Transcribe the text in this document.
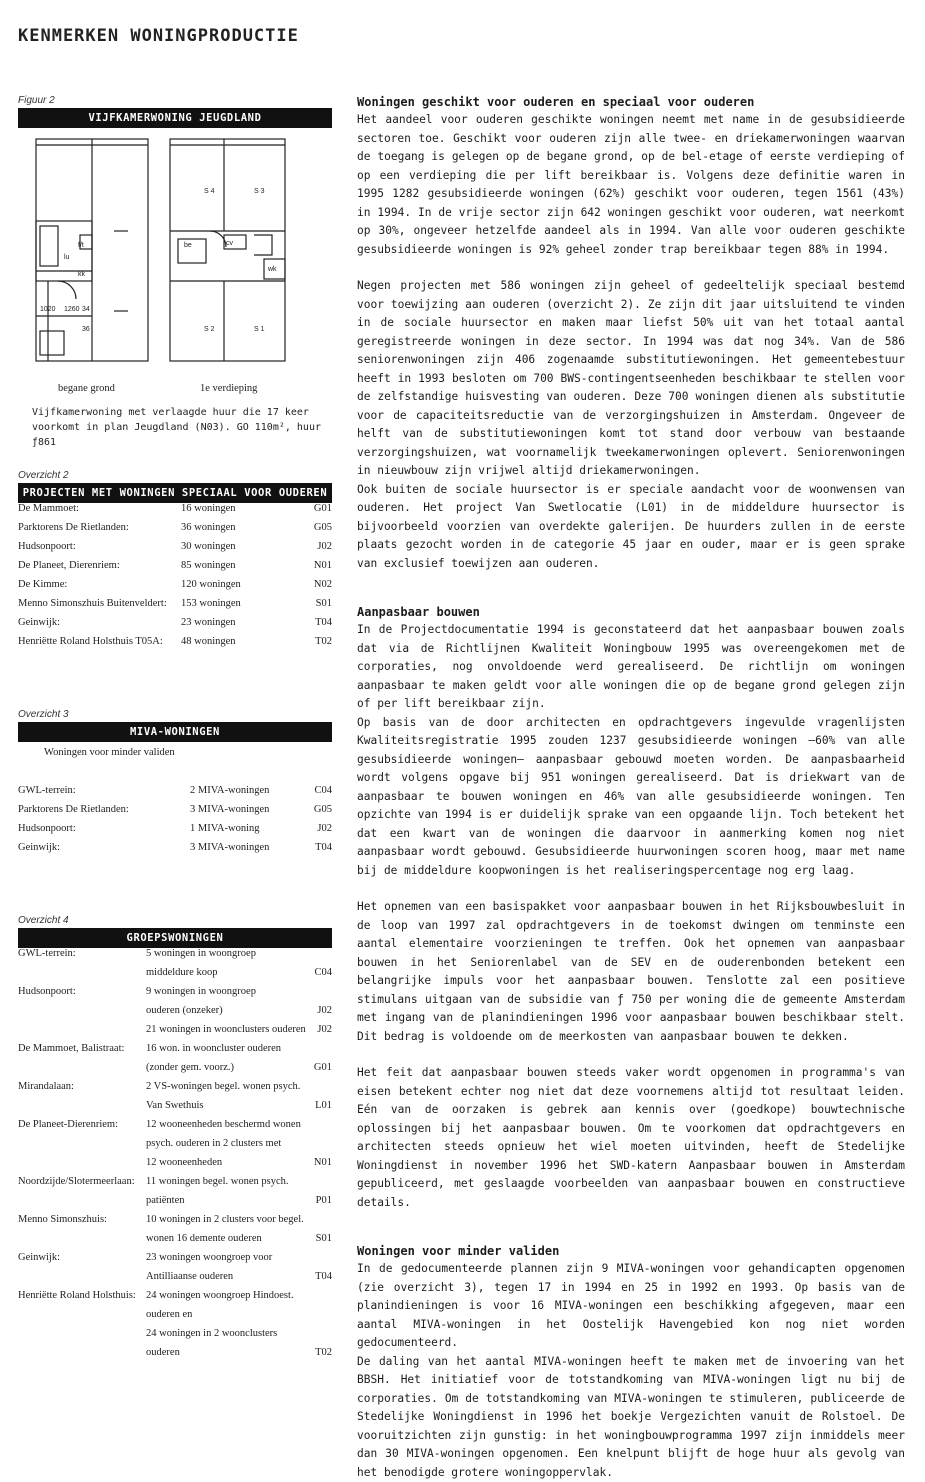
KENMERKEN WONINGPRODUCTIE
Figuur 2
VIJFKAMERWONING JEUGDLAND
S 4	S 3
S 2	S 1
be
1020 1260 34
36
lu
kk
f/t	cv
wk
begane grond	1e verdieping
Vijfkamerwoning met verlaagde huur die 17 keer voorkomt in plan Jeugdland (N03). GO 110m², huur ƒ861
Overzicht 2
PROJECTEN MET WONINGEN SPECIAAL VOOR OUDEREN
De Mammoet:	16 woningen	G01
Parktorens De Rietlanden:	36 woningen	G05
Hudsonpoort:	30 woningen	J02
De Planeet, Dierenriem:	85 woningen	N01
De Kimme:	120 woningen	N02
Menno Simonszhuis Buitenveldert:	153 woningen	S01
Geinwijk:	23 woningen	T04
Henriëtte Roland Holsthuis T05A:	48 woningen	T02
Overzicht 3
MIVA-WONINGEN
Woningen voor minder validen
GWL-terrein:	2 MIVA-woningen	C04
Parktorens De Rietlanden:	3 MIVA-woningen	G05
Hudsonpoort:	1 MIVA-woning	J02
Geinwijk:	3 MIVA-woningen	T04
Overzicht 4
GROEPSWONINGEN
GWL-terrein:	5 woningen in woongroep	
	middeldure koop	C04
Hudsonpoort:	9 woningen in woongroep	
	ouderen (onzeker)	J02
	21 woningen in woonclusters ouderen	J02
De Mammoet, Balistraat:	16 won. in wooncluster ouderen	
	(zonder gem. voorz.)	G01
Mirandalaan:	2 VS-woningen begel. wonen psych.	
	Van Swethuis	L01
De Planeet-Dierenriem:	12 wooneenheden beschermd wonen	
	psych. ouderen in 2 clusters met	
	12 wooneenheden	N01
Noordzijde/Slotermeerlaan:	11 woningen begel. wonen psych.	
	patiënten	P01
Menno Simonszhuis:	10 woningen in 2 clusters voor begel.	
	wonen 16 demente ouderen	S01
Geinwijk:	23 woningen woongroep voor	
	Antilliaanse ouderen	T04
Henriëtte Roland Holsthuis:	24 woningen woongroep Hindoest.	
	ouderen en	
	24 woningen in 2 woonclusters	
	ouderen	T02
Woningen geschikt voor ouderen en speciaal voor ouderen

Het aandeel voor ouderen geschikte woningen neemt met name in de gesubsidieerde sectoren toe. Geschikt voor ouderen zijn alle twee- en driekamerwoningen waarvan de toegang is gelegen op de begane grond, op de bel-etage of eerste verdieping of op een verdieping die per lift bereikbaar is. Volgens deze definitie waren in 1995 1282 gesubsidieerde woningen (62%) geschikt voor ouderen, tegen 1561 (43%) in 1994. In de vrije sector zijn 642 woningen geschikt voor ouderen, wat neerkomt op 30%, ongeveer hetzelfde aandeel als in 1994. Van alle voor ouderen geschikte gesubsidieerde woningen is 92% geheel zonder trap bereikbaar tegen 88% in 1994.

Negen projecten met 586 woningen zijn geheel of gedeeltelijk speciaal bestemd voor toewijzing aan ouderen (overzicht 2). Ze zijn dit jaar uitsluitend te vinden in de sociale huursector en maken maar liefst 50% uit van het totaal aantal geregistreerde woningen in deze sector. In 1994 was dat nog 34%. Van de 586 seniorenwoningen zijn 406 zogenaamde substitutiewoningen. Het gemeentebestuur heeft in 1993 besloten om 700 BWS-contingentseenheden beschikbaar te stellen voor de zelfstandige huisvesting van ouderen. Deze 700 woningen dienen als substitutie voor de capaciteitsreductie van de verzorgingshuizen in Amsterdam. Ongeveer de helft van de substitutiewoningen komt tot stand door verbouw van bestaande verzorgingshuizen, wat voornamelijk tweekamerwoningen oplevert. Seniorenwoningen in nieuwbouw zijn vrijwel altijd driekamerwoningen.

Ook buiten de sociale huursector is er speciale aandacht voor de woonwensen van ouderen. Het project Van Swetlocatie (L01) in de middeldure huursector is bijvoorbeeld voorzien van overdekte galerijen. De huurders zullen in de eerste plaats gezocht worden in de categorie 45 jaar en ouder, maar er is geen sprake van exclusief toewijzen aan ouderen.

Aanpasbaar bouwen

In de Projectdocumentatie 1994 is geconstateerd dat het aanpasbaar bouwen zoals dat via de Richtlijnen Kwaliteit Woningbouw 1995 was overeengekomen met de corporaties, nog onvoldoende werd gerealiseerd. De richtlijn om woningen aanpasbaar te maken geldt voor alle woningen die op de begane grond gelegen zijn of per lift bereikbaar zijn.

Op basis van de door architecten en opdrachtgevers ingevulde vragenlijsten Kwaliteitsregistratie 1995 zouden 1237 gesubsidieerde woningen –60% van alle gesubsidieerde woningen– aanpasbaar gebouwd moeten worden. De aanpasbaarheid wordt volgens opgave bij 951 woningen gerealiseerd. Dat is driekwart van de aanpasbaar te bouwen woningen en 46% van alle gesubsidieerde woningen. Ten opzichte van 1994 is er duidelijk sprake van een opgaande lijn. Toch betekent het dat een kwart van de woningen die daarvoor in aanmerking komen nog niet aanpasbaar wordt gebouwd. Gesubsidieerde huurwoningen scoren hoog, maar met name bij de middeldure koopwoningen is het realiseringspercentage nog erg laag.

Het opnemen van een basispakket voor aanpasbaar bouwen in het Rijksbouwbesluit in de loop van 1997 zal opdrachtgevers in de toekomst dwingen om tenminste een aantal elementaire voorzieningen te treffen. Ook het opnemen van aanpasbaar bouwen in het Seniorenlabel van de SEV en de ouderenbonden betekent een belangrijke impuls voor het aanpasbaar bouwen. Tenslotte zal een positieve stimulans uitgaan van de subsidie van ƒ 750 per woning die de gemeente Amsterdam met ingang van de planindieningen 1996 voor aanpasbaar bouwen beschikbaar stelt. Dit bedrag is voldoende om de meerkosten van aanpasbaar bouwen te dekken.

Het feit dat aanpasbaar bouwen steeds vaker wordt opgenomen in programma's van eisen betekent echter nog niet dat deze voornemens altijd tot resultaat leiden. Eén van de oorzaken is gebrek aan kennis over (goedkope) bouwtechnische oplossingen bij het aanpasbaar bouwen. Om te voorkomen dat opdrachtgevers en architecten steeds opnieuw het wiel moeten uitvinden, heeft de Stedelijke Woningdienst in november 1996 het SWD-katern Aanpasbaar bouwen in Amsterdam gepubliceerd, met geslaagde voorbeelden van aanpasbaar bouwen en constructieve details.

Woningen voor minder validen

In de gedocumenteerde plannen zijn 9 MIVA-woningen voor gehandicapten opgenomen (zie overzicht 3), tegen 17 in 1994 en 25 in 1992 en 1993. Op basis van de planindieningen is voor 16 MIVA-woningen een beschikking afgegeven, maar een aantal MIVA-woningen in het Oostelijk Havengebied kon nog niet worden gedocumenteerd.

De daling van het aantal MIVA-woningen heeft te maken met de invoering van het BBSH. Het initiatief voor de totstandkoming van MIVA-woningen ligt nu bij de corporaties. Om de totstandkoming van MIVA-woningen te stimuleren, publiceerde de Stedelijke Woningdienst in 1996 het boekje Vergezichten vanuit de Rolstoel. De vooruitzichten zijn gunstig: in het woningbouwprogramma 1997 zijn inmiddels meer dan 30 MIVA-woningen opgenomen. Een knelpunt blijft de hoge huur als gevolg van het benodigde grotere woningoppervlak.
